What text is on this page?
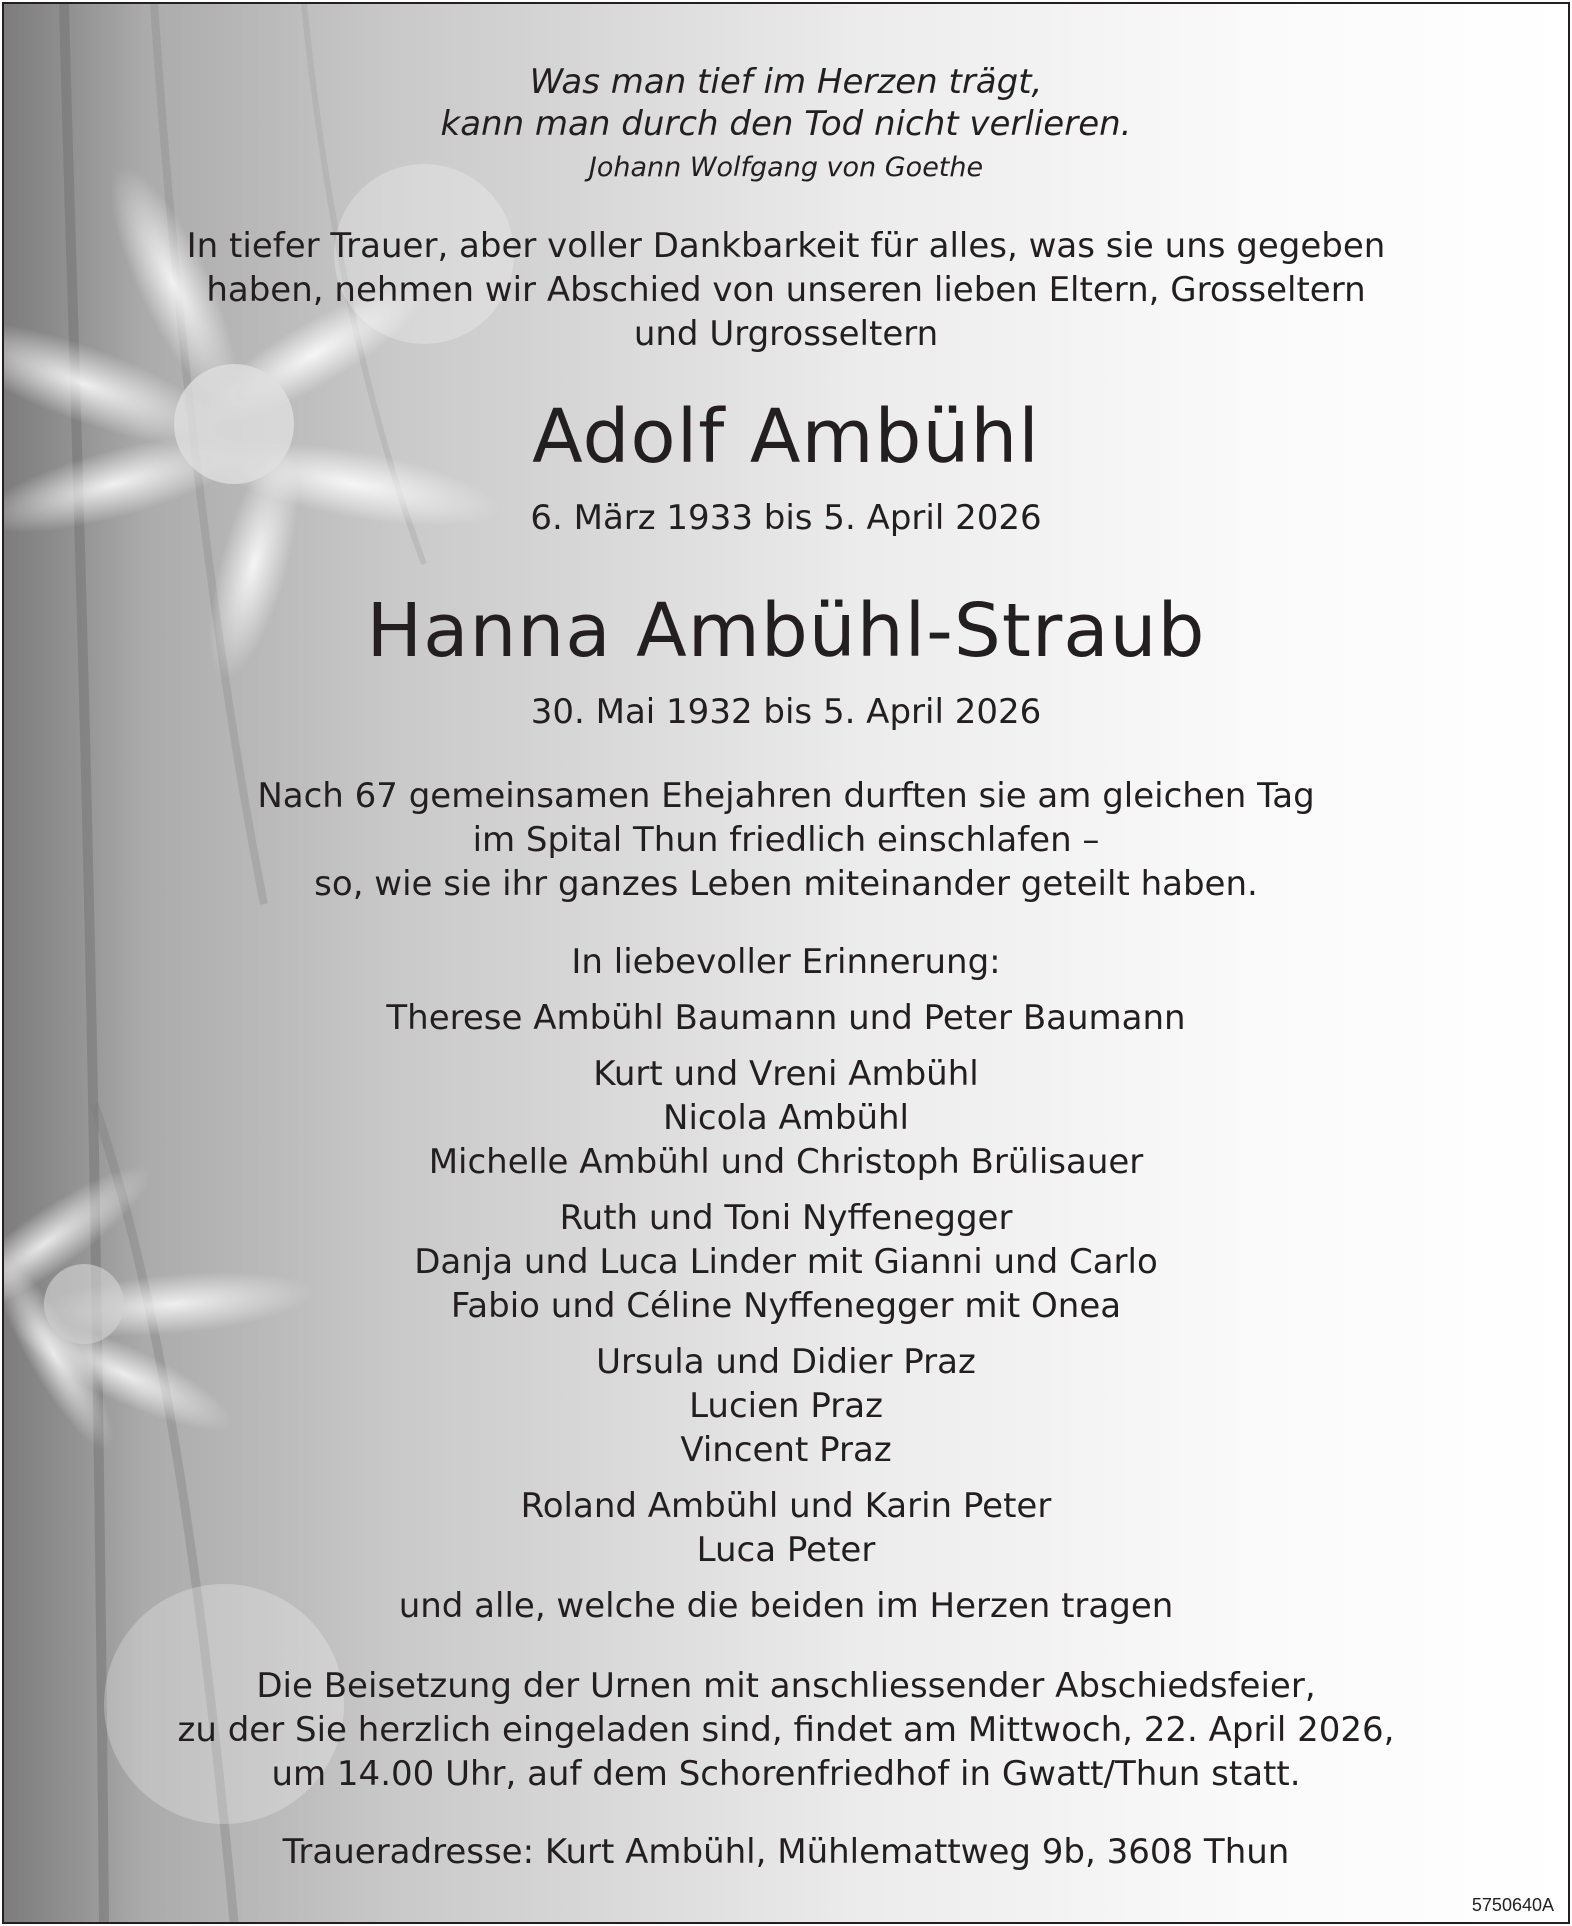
Was man tief im Herzen trägt,
kann man durch den Tod nicht verlieren.
Johann Wolfgang von Goethe
In tiefer Trauer, aber voller Dankbarkeit für alles, was sie uns gegeben
haben, nehmen wir Abschied von unseren lieben Eltern, Grosseltern
und Urgrosseltern
Adolf Ambühl
6. März 1933 bis 5. April 2026
Hanna Ambühl-Straub
30. Mai 1932 bis 5. April 2026
Nach 67 gemeinsamen Ehejahren durften sie am gleichen Tag
im Spital Thun friedlich einschlafen –
so, wie sie ihr ganzes Leben miteinander geteilt haben.
In liebevoller Erinnerung:
Therese Ambühl Baumann und Peter Baumann
Kurt und Vreni Ambühl
Nicola Ambühl
Michelle Ambühl und Christoph Brülisauer
Ruth und Toni Nyffenegger
Danja und Luca Linder mit Gianni und Carlo
Fabio und Céline Nyffenegger mit Onea
Ursula und Didier Praz
Lucien Praz
Vincent Praz
Roland Ambühl und Karin Peter
Luca Peter
und alle, welche die beiden im Herzen tragen
Die Beisetzung der Urnen mit anschliessender Abschiedsfeier,
zu der Sie herzlich eingeladen sind, findet am Mittwoch, 22. April 2026,
um 14.00 Uhr, auf dem Schorenfriedhof in Gwatt/Thun statt.
Traueradresse: Kurt Ambühl, Mühlemattweg 9b, 3608 Thun
5750640A
